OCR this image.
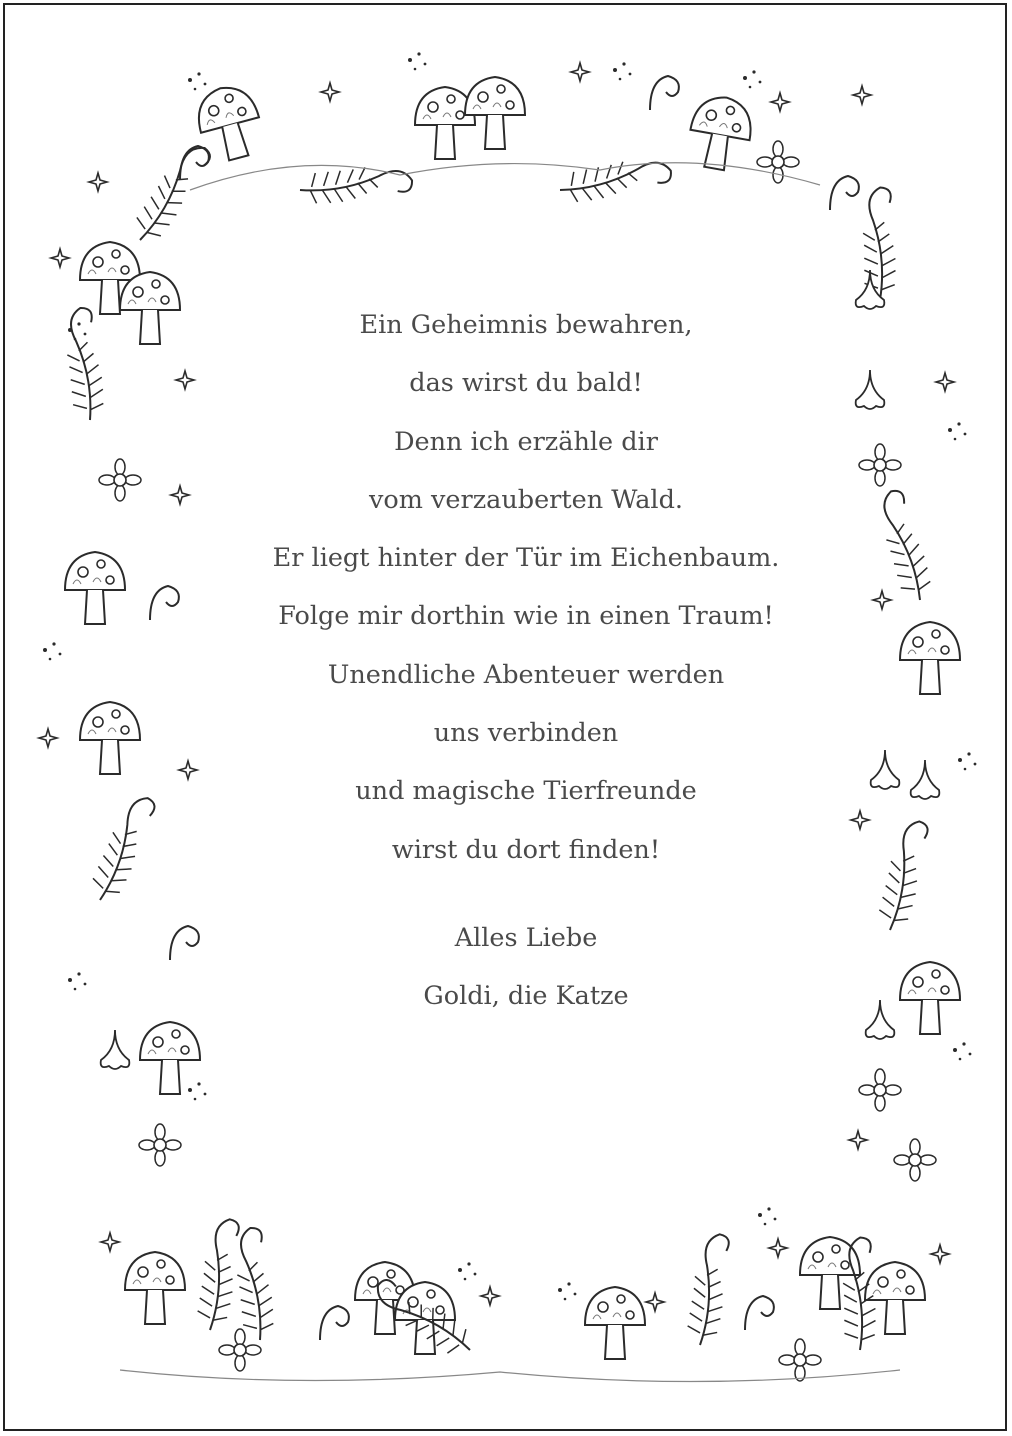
Ein Geheimnis bewahren,
das wirst du bald!
Denn ich erzähle dir
vom verzauberten Wald.
Er liegt hinter der Tür im Eichenbaum.
Folge mir dorthin wie in einen Traum!
Unendliche Abenteuer werden
uns verbinden
und magische Tierfreunde
wirst du dort finden!
Alles Liebe
Goldi, die Katze
